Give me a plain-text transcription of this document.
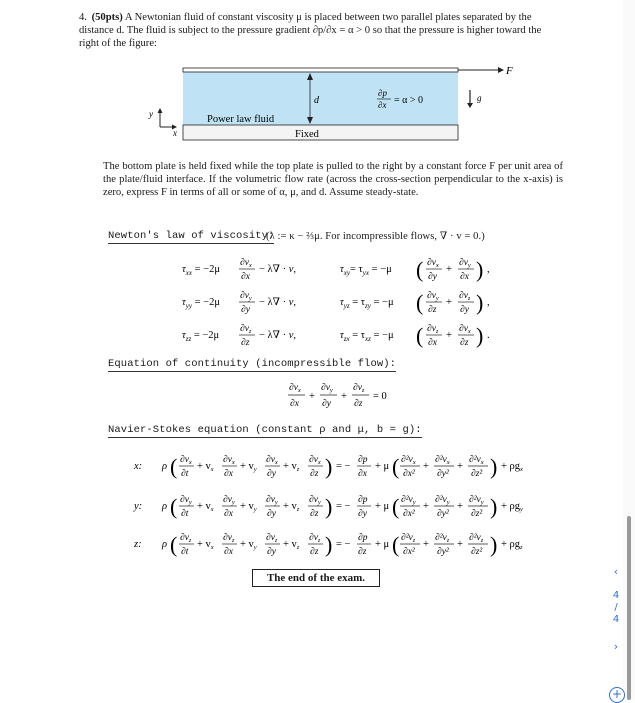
4. (50pts) A Newtonian fluid of constant viscosity μ is placed between two parallel plates separated by the distance d. The fluid is subject to the pressure gradient ∂p/∂x = α > 0 so that the pressure is higher toward the right of the figure:
F
d
∂p
∂x = α > 0	g
Power law fluid
Fixed
y
x
The bottom plate is held fixed while the top plate is pulled to the right by a constant force F per unit area of the plate/fluid interface. If the volumetric flow rate (across the cross-section perpendicular to the x-axis) is zero, express F in terms of all or some of α, μ, and d. Assume steady-state.
Newton's law of viscosity:
(λ := κ − ⅔μ. For incompressible flows, ∇ · v = 0.)
$\tau_{xx} = -2\mu$
$\partial v_x$
∂x
− λ∇ · v,	$\tau_{xy}= \tau_{yx} = -\mu$ ( $\partial v_x$
∂y
+
$\partial v_y$
∂x ) ,
$\tau_{yy} = -2\mu$
$\partial v_y$
∂y
− λ∇ · v,	$\tau_{yz} = \tau_{zy} = -\mu$ ( $\partial v_y$
∂z
+
$\partial v_z$
∂y ) ,
$\tau_{zz} = -2\mu$
$\partial v_z$
∂z
− λ∇ · v,	$\tau_{zx} = \tau_{xz} = -\mu$ ( $\partial v_z$
∂x
+
$\partial v_x$
∂z ) .
Equation of continuity (incompressible flow):
$\partial v_x$
∂x
+
$\partial v_y$
∂y
+
$\partial v_z$
∂z
= 0
Navier-Stokes equation (constant ρ and μ, b = g):
x: ρ ( $\partial v_x$
∂t
+ vx
$\partial v_x$
∂x
+ vy
$\partial v_x$
∂y
+ vz
$\partial v_x$
∂z ) = −
∂p
∂x
+ μ ( $\partial^2v_x$
∂x²
+
$\partial^2v_x$
∂y²
+
$\partial^2v_x$
∂z² ) + ρgx
y: ρ ( $\partial v_y$
∂t
+ vx
$\partial v_y$
∂x
+ vy
$\partial v_y$
∂y
+ vz
$\partial v_y$
∂z ) = −
∂p
∂y
+ μ ( $\partial^2v_y$
∂x²
+
$\partial^2v_y$
∂y²
+
$\partial^2v_y$
∂z² ) + ρgy
z: ρ ( $\partial v_z$
∂t
+ vx
$\partial v_z$
∂x
+ vy
$\partial v_z$
∂y
+ vz
$\partial v_z$
∂z ) = −
∂p
∂z
+ μ ( $\partial^2v_z$
∂x²
+
$\partial^2v_z$
∂y²
+
$\partial^2v_z$
∂z² ) + ρgz
The end of the exam.	‹
4
/
4
›
+
